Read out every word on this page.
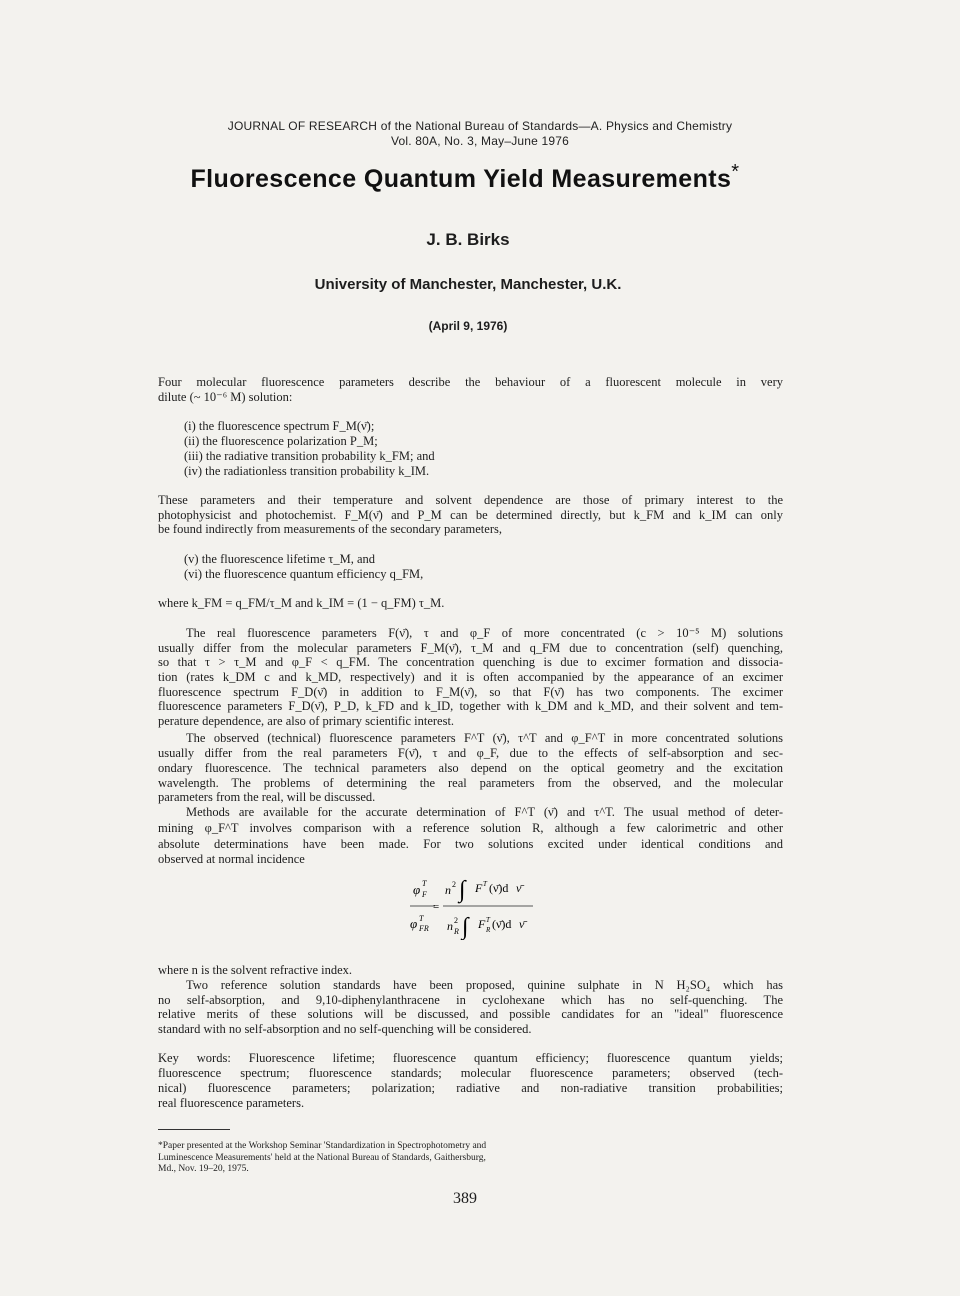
JOURNAL OF RESEARCH of the National Bureau of Standards—A. Physics and Chemistry
Vol. 80A, No. 3, May–June 1976
Fluorescence Quantum Yield Measurements*
J. B. Birks
University of Manchester, Manchester, U.K.
(April 9, 1976)
Four molecular fluorescence parameters describe the behaviour of a fluorescent molecule in very
dilute (~ 10⁻⁶ M) solution:
(i) the fluorescence spectrum F_M(ν̄);
(ii) the fluorescence polarization P_M;
(iii) the radiative transition probability k_FM; and
(iv) the radiationless transition probability k_IM.
These parameters and their temperature and solvent dependence are those of primary interest to the
photophysicist and photochemist. F_M(ν̄) and P_M can be determined directly, but k_FM and k_IM can only
be found indirectly from measurements of the secondary parameters,
(v) the fluorescence lifetime τ_M, and
(vi) the fluorescence quantum efficiency q_FM,
where k_FM = q_FM/τ_M and k_IM = (1 − q_FM) τ_M.
The real fluorescence parameters F(ν̄), τ and φ_F of more concentrated (c > 10⁻⁵ M) solutions
usually differ from the molecular parameters F_M(ν̄), τ_M and q_FM due to concentration (self) quenching,
so that τ > τ_M and φ_F < q_FM. The concentration quenching is due to excimer formation and dissocia-
tion (rates k_DM c and k_MD, respectively) and it is often accompanied by the appearance of an excimer
fluorescence spectrum F_D(ν̄) in addition to F_M(ν̄), so that F(ν̄) has two components. The excimer
fluorescence parameters F_D(ν̄), P_D, k_FD and k_ID, together with k_DM and k_MD, and their solvent and tem-
perature dependence, are also of primary scientific interest.
The observed (technical) fluorescence parameters F^T (ν̄), τ^T and φ_F^T in more concentrated solutions
usually differ from the real parameters F(ν̄), τ and φ_F, due to the effects of self-absorption and sec-
ondary fluorescence. The technical parameters also depend on the optical geometry and the excitation
wavelength. The problems of determining the real parameters from the observed, and the molecular
parameters from the real, will be discussed.
Methods are available for the accurate determination of F^T (ν̄) and τ^T. The usual method of deter-
mining φ_F^T involves comparison with a reference solution R, although a few calorimetric and other
absolute determinations have been made. For two solutions excited under identical conditions and
observed at normal incidence
φ F
T n 2 ∫ F T (ν̄)d ν̄
=
φ FR
T
n 2
R ∫ F T
R (ν̄)d ν̄
where n is the solvent refractive index.
Two reference solution standards have been proposed, quinine sulphate in N H₂SO₄ which has
no self-absorption, and 9,10-diphenylanthracene in cyclohexane which has no self-quenching. The
relative merits of these solutions will be discussed, and possible candidates for an "ideal" fluorescence
standard with no self-absorption and no self-quenching will be considered.
Key words: Fluorescence lifetime; fluorescence quantum efficiency; fluorescence quantum yields;
fluorescence spectrum; fluorescence standards; molecular fluorescence parameters; observed (tech-
nical) fluorescence parameters; polarization; radiative and non-radiative transition probabilities;
real fluorescence parameters.
*Paper presented at the Workshop Seminar 'Standardization in Spectrophotometry and
Luminescence Measurements' held at the National Bureau of Standards, Gaithersburg,
Md., Nov. 19–20, 1975.
389
